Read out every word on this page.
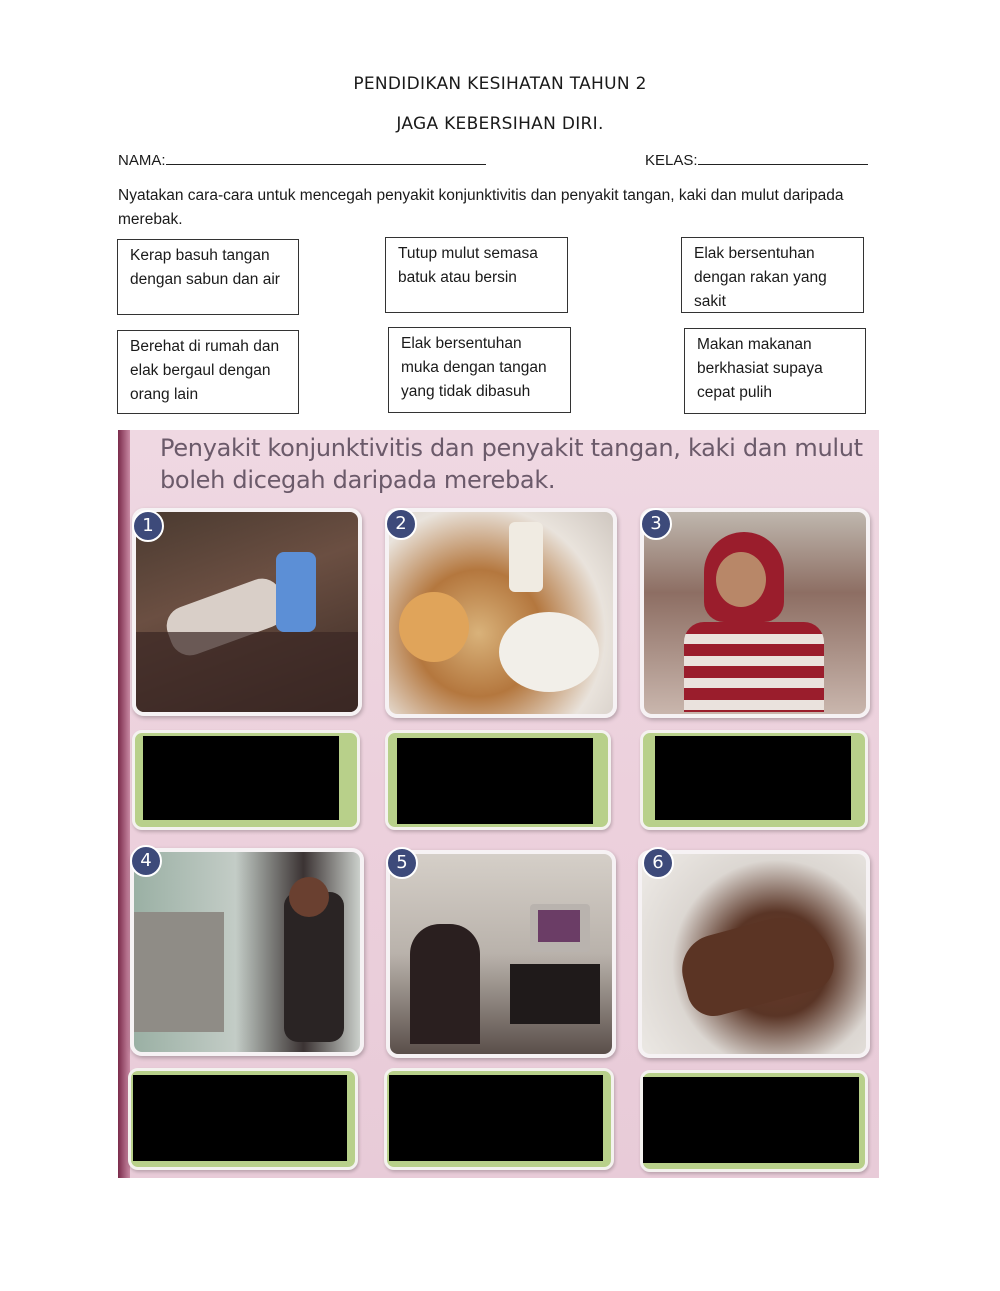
PENDIDIKAN KESIHATAN TAHUN 2
JAGA KEBERSIHAN DIRI.
NAMA:	KELAS:
Nyatakan cara-cara untuk mencegah penyakit konjunktivitis dan penyakit tangan, kaki dan mulut daripada merebak.
Kerap basuh tangan dengan sabun dan air
Tutup mulut semasa batuk atau bersin
Elak bersentuhan dengan rakan yang sakit
Berehat di rumah dan elak bergaul dengan orang lain
Elak bersentuhan muka dengan tangan yang tidak dibasuh
Makan makanan berkhasiat supaya cepat pulih
Penyakit konjunktivitis dan penyakit tangan, kaki dan mulut
boleh dicegah daripada merebak.
1	2	3
4	5	6
